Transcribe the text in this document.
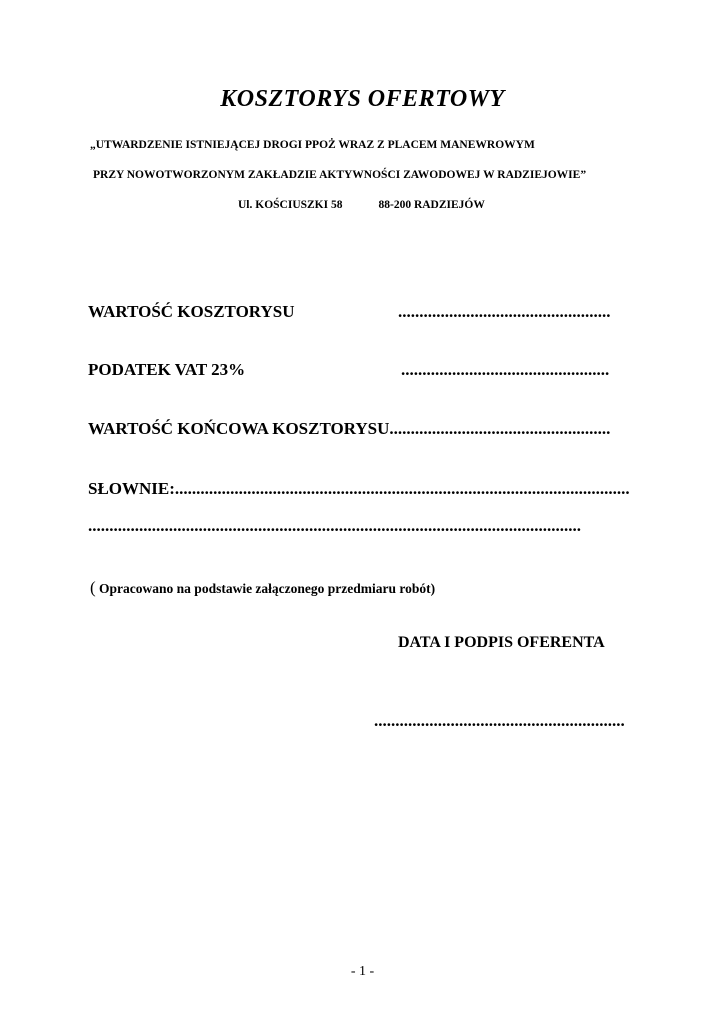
KOSZTORYS OFERTOWY
„UTWARDZENIE ISTNIEJĄCEJ DROGI PPOŻ WRAZ Z PLACEM MANEWROWYM
PRZY NOWOTWORZONYM ZAKŁADZIE AKTYWNOŚCI ZAWODOWEJ W RADZIEJOWIE”
Ul. KOŚCIUSZKI 58	88-200 RADZIEJÓW
WARTOŚĆ KOSZTORYSU	..................................................
PODATEK VAT 23%	.................................................
WARTOŚĆ KOŃCOWA KOSZTORYSU....................................................
SŁOWNIE:...........................................................................................................
....................................................................................................................
( Opracowano na podstawie załączonego przedmiaru robót)
DATA I PODPIS OFERENTA
...........................................................
- 1 -
